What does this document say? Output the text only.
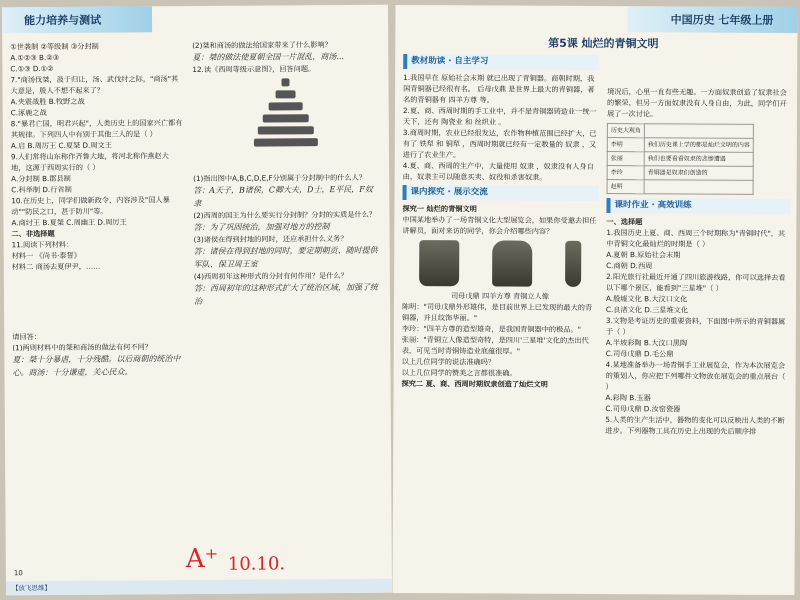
能力培养与测试

①世袭制 ②等级制 ③分封制

A.①②③ B.②③

C.①③ D.①②

7."商汤伐桀，汲于归让，汤、武伐纣之际，"商汤"其大意是，殷人不想不起来了？

A.夹震战胜 B.牧野之战

C.涿鹿之战

8."暴君亡国，明君兴起"，人类历史上的国家兴亡都有其规律。下列四人中有别于其他三人的是（ ）

A.启 B.周厉王 C.夏桀 D.周文王

9.人们常将山东称作齐鲁大地，将河北称作燕赵大地，这源于西周实行的（ ）

A.分封制 B.郡县制

C.科举制 D.行省制

10.在历史上，同学们做新政令，内容涉及"国人暴动""防民之口，甚于防川"等。

A.商纣王 B.夏桀 C.周幽王 D.周厉王

二、非选择题

11.阅读下列材料：

材料一 《尚书·泰誓》

材料二 商汤去夏伊尹，……

请回答：

(1)两则材料中的桀和商汤的做法有何不同？

夏：桀十分暴虐，十分残酷。以后商朝的统治中心。商汤：十分谦虚，关心民众。

(2)桀和商汤的做法给国家带来了什么影响？

夏：桀的做法使夏朝全国一片混乱，商汤...

12.读《西周等级示意图》，回答问题。

(1)指出图中A,B,C,D,E,F分别属于分封制中的什么人？

答：A天子，B诸侯，C卿大夫，D士，E平民，F奴隶

(2)西周的国王为什么要实行分封制？分封的实质是什么？

答：为了巩固统治，加强对地方的控制

(3)诸侯在得到封地的同时，还应承担什么义务？

答：诸侯在得到封地的同时，要定期朝贡、随时提供军队、保卫周王室

(4)西周初年这种形式的分封有何作用？是什么？

答：西周初年的这种形式扩大了统治区域，加强了统治

A⁺ 10.10.
10
【放飞思维】
中国历史 七年级上册

第5课 灿烂的青铜文明

教材助读 · 自主学习

1.我国早在 原始社会末期 就已出现了青铜器。商朝时期，我国青铜器已经很有名。 后母戊鼎 是世界上最大的青铜器，著名的青铜器有 四羊方尊 等。

2.夏、商、西周时期的手工业中，并不是青铜器铸造业一统一天下，还有 陶瓷业 和 丝织业 。

3.商周时期，农业已经很发达，农作物种植范围已经扩大，已有了 铁犁 和 铜犁 ，西周时期就已经有一定数量的 奴隶 ，又进行了农业生产。

4.夏、商、西周的生产中，大量使用 奴隶 ，奴隶没有人身自由，奴隶主可以随意买卖、奴役和杀害奴隶。

课内探究 · 展示交流

探究一 灿烂的青铜文明

中国某地举办了一场青铜文化大型展览会，如果你受邀去担任讲解员，面对来访的同学，你会介绍哪些内容？

司母戊鼎 四羊方尊 青铜立人像

陈明："司母戊鼎外形雄伟，是目前世界上已发现的最大的青铜器，并且纹饰华丽。"

李玲："四羊方尊的造型雄奇，是我国青铜器中的极品。"

张丽："青铜立人像造型奇特，是四川'三星堆'文化的杰出代表，可见当时青铜铸造业底蕴很厚。"

以上几位同学的说法准确吗？

以上几位同学的赞美之言都很准确。

探究二 夏、商、西周时期奴隶创造了灿烂文明

境况后，心里一直有些无趣。一方面奴隶创造了奴隶社会的繁荣，但另一方面奴隶没有人身自由，为此，同学们开展了一次讨论。

历史大观角	
李明	我们历史课上学的都是灿烂文明的内容
张丽	我们也要看看奴隶的悲惨遭遇
李玲	青铜器是奴隶们创造的
赵明	
课时作业 · 高效训练

一、选择题

1.我国历史上夏、商、西周三个时期称为"青铜时代"，其中青铜文化最灿烂的时期是（ ）

A.夏朝 B.原始社会末期

C.商朝 D.西周

2.阳光旅行社最近开通了四川旅游线路，你可以选择去看以下哪个景区，能看到"三星堆"（ ）

A.殷墟文化 B.大汶口文化

C.良渚文化 D.三星堆文化

3.文物是考证历史的重要资料，下面图中所示的青铜器属于（ ）

A.半坡彩陶 B.大汶口黑陶

C.司母戊鼎 D.毛公鼎

4.某地准备举办一场青铜手工业展览会，作为本次展览会的策划人，你应把下列哪件文物放在展览会的重点展台（ ）

A.彩陶 B.玉器

C.司母戊鼎 D.汝窑瓷器

5.人类的生产生活中，器物的变化可以反映出人类的不断进步。下列器物工具在历史上出现的先后顺序排
